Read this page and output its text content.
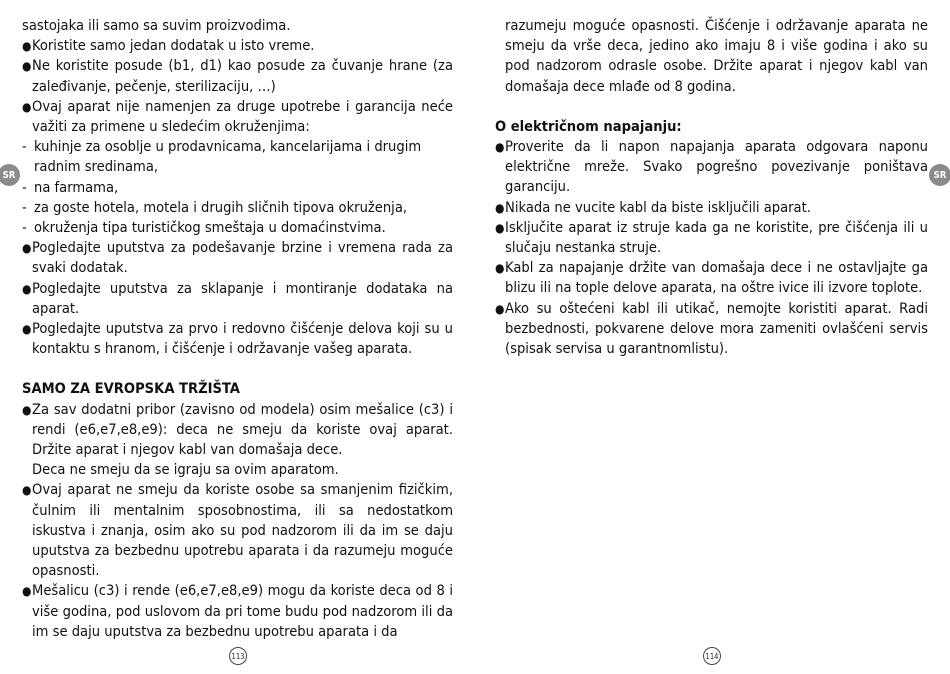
sastojaka ili samo sa suvim proizvodima.

● Koristite samo jedan dodatak u isto vreme.
● Ne koristite posude (b1, d1) kao posude za čuvanje hrane (za zaleđivanje, pečenje, sterilizaciju, …)
● Ovaj aparat nije namenjen za druge upotrebe i garancija neće važiti za primene u sledećim okruženjima:
- kuhinje za osoblje u prodavnicama, kancelarijama i drugim radnim sredinama,
- na farmama,
- za goste hotela, motela i drugih sličnih tipova okruženja,
- okruženja tipa turističkog smeštaja u domaćinstvima.
● Pogledajte uputstva za podešavanje brzine i vremena rada za svaki dodatak.
● Pogledajte uputstva za sklapanje i montiranje dodataka na aparat.
● Pogledajte uputstva za prvo i redovno čišćenje delova koji su u kontaktu s hranom, i čišćenje i održavanje vašeg aparata.

SAMO ZA EVROPSKA TRŽIŠTA

● Za sav dodatni pribor (zavisno od modela) osim mešalice (c3) i rendi (e6,e7,e8,e9): deca ne smeju da koriste ovaj aparat. Držite aparat i njegov kabl van domašaja dece.
Deca ne smeju da se igraju sa ovim aparatom.
● Ovaj aparat ne smeju da koriste osobe sa smanjenim fizičkim, čulnim ili mentalnim sposobnostima, ili sa nedostatkom iskustva i znanja, osim ako su pod nadzorom ili da im se daju uputstva za bezbednu upotrebu aparata i da razumeju moguće opasnosti.
● Mešalicu (c3) i rende (e6,e7,e8,e9) mogu da koriste deca od 8 i više godina, pod uslovom da pri tome budu pod nadzorom ili da im se daju uputstva za bezbednu upotrebu aparata i da

razumeju moguće opasnosti. Čišćenje i održavanje aparata ne smeju da vrše deca, jedino ako imaju 8 i više godina i ako su pod nadzorom odrasle osobe. Držite aparat i njegov kabl van domašaja dece mlađe od 8 godina.

O električnom napajanju:

● Proverite da li napon napajanja aparata odgovara naponu električne mreže. Svako pogrešno povezivanje poništava garanciju.
● Nikada ne vucite kabl da biste isključili aparat.
● Isključite aparat iz struje kada ga ne koristite, pre čišćenja ili u slučaju nestanka struje.
● Kabl za napajanje držite van domašaja dece i ne ostavljajte ga blizu ili na tople delove aparata, na oštre ivice ili izvore toplote.
● Ako su oštećeni kabl ili utikač, nemojte koristiti aparat. Radi bezbednosti, pokvarene delove mora zameniti ovlašćeni servis (spisak servisa u garantnomlistu).
SR	SR
113	114
